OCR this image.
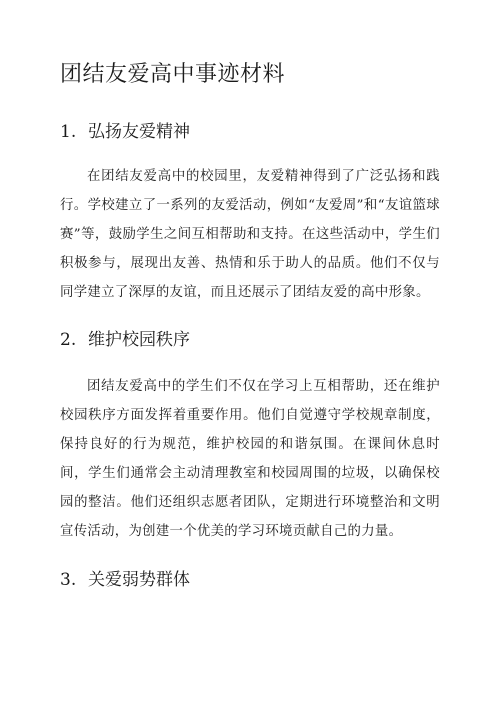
团结友爱高中事迹材料
1. 弘扬友爱精神

在团结友爱高中的校园里，友爱精神得到了广泛弘扬和践行。学校建立了一系列的友爱活动，例如“友爱周”和“友谊篮球赛”等，鼓励学生之间互相帮助和支持。在这些活动中，学生们积极参与，展现出友善、热情和乐于助人的品质。他们不仅与同学建立了深厚的友谊，而且还展示了团结友爱的高中形象。

2. 维护校园秩序

团结友爱高中的学生们不仅在学习上互相帮助，还在维护校园秩序方面发挥着重要作用。他们自觉遵守学校规章制度，保持良好的行为规范，维护校园的和谐氛围。在课间休息时间，学生们通常会主动清理教室和校园周围的垃圾，以确保校园的整洁。他们还组织志愿者团队，定期进行环境整治和文明宣传活动，为创建一个优美的学习环境贡献自己的力量。

3. 关爱弱势群体
